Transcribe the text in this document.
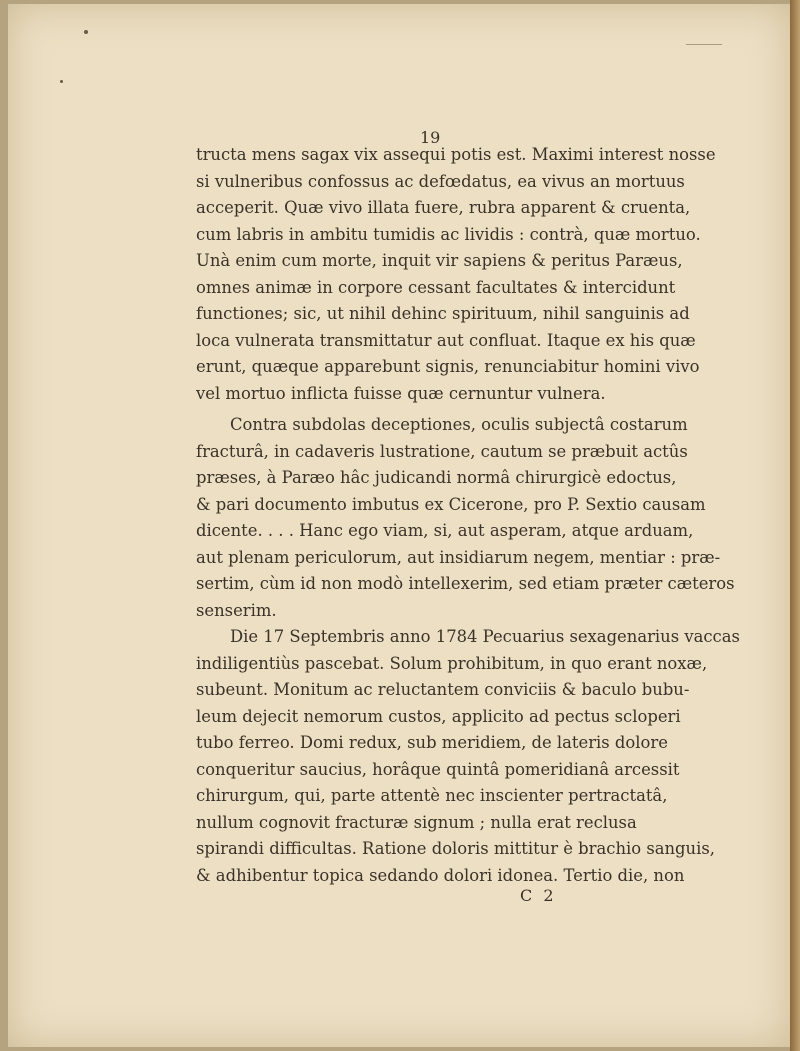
19
tructa mens sagax vix assequi potis est. Maximi interest nosse
si vulneribus confossus ac defœdatus, ea vivus an mortuus
acceperit. Quæ vivo illata fuere, rubra apparent & cruenta,
cum labris in ambitu tumidis ac lividis : contrà, quæ mortuo.
Unà enim cum morte, inquit vir sapiens & peritus Paræus,
omnes animæ in corpore cessant facultates & intercidunt
functiones; sic, ut nihil dehinc spirituum, nihil sanguinis ad
loca vulnerata transmittatur aut confluat. Itaque ex his quæ
erunt, quæque apparebunt signis, renunciabitur homini vivo
vel mortuo inflicta fuisse quæ cernuntur vulnera.
Contra subdolas deceptiones, oculis subjectâ costarum
fracturâ, in cadaveris lustratione, cautum se præbuit actûs
præses, à Paræo hâc judicandi normâ chirurgicè edoctus,
& pari documento imbutus ex Cicerone, pro P. Sextio causam
dicente. . . . Hanc ego viam, si, aut asperam, atque arduam,
aut plenam periculorum, aut insidiarum negem, mentiar : præ-
sertim, cùm id non modò intellexerim, sed etiam præter cæteros
senserim.
Die 17 Septembris anno 1784 Pecuarius sexagenarius vaccas
indiligentiùs pascebat. Solum prohibitum, in quo erant noxæ,
subeunt. Monitum ac reluctantem conviciis & baculo bubu-
leum dejecit nemorum custos, applicito ad pectus scloperi
tubo ferreo. Domi redux, sub meridiem, de lateris dolore
conqueritur saucius, horâque quintâ pomeridianâ arcessit
chirurgum, qui, parte attentè nec inscienter pertractatâ,
nullum cognovit fracturæ signum ; nulla erat reclusa
spirandi difficultas. Ratione doloris mittitur è brachio sanguis,
& adhibentur topica sedando dolori idonea. Tertio die, non
C 2
